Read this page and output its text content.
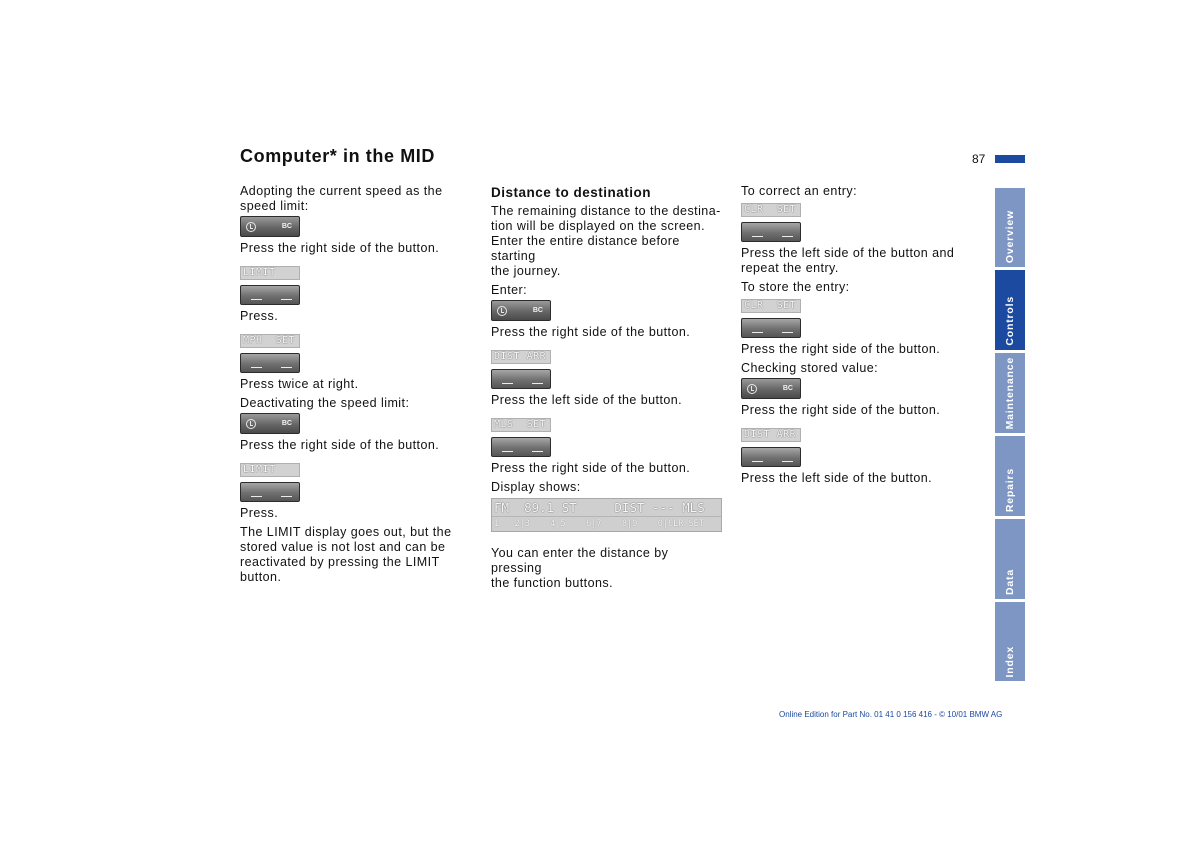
Computer* in the MID	87

Adopting the current speed as the
speed limit:

BC

Press the right side of the button.

LIMIT

Press.

MPH  SET

Press twice at right.

Deactivating the speed limit:

BC

Press the right side of the button.

LIMIT

Press.

The LIMIT display goes out, but the
stored value is not lost and can be
reactivated by pressing the LIMIT
button.

Distance to destination

The remaining distance to the destina-
tion will be displayed on the screen.
Enter the entire distance before starting
the journey.

Enter:

BC

Press the right side of the button.

DIST ARR

Press the left side of the button.

MLS  SET

Press the right side of the button.

Display shows:

FM  89.1 ST     DIST --- MLS
1   2|3    4|5    6|7    8|9    0|CLR SET

You can enter the distance by pressing
the function buttons.

To correct an entry:

CLR  SET

Press the left side of the button and
repeat the entry.

To store the entry:

CLR  SET

Press the right side of the button.

Checking stored value:

BC

Press the right side of the button.

DIST ARR

Press the left side of the button.

Overview
Controls
Maintenance
Repairs
Data
Index
Online Edition for Part No. 01 41 0 156 416 - © 10/01 BMW AG
